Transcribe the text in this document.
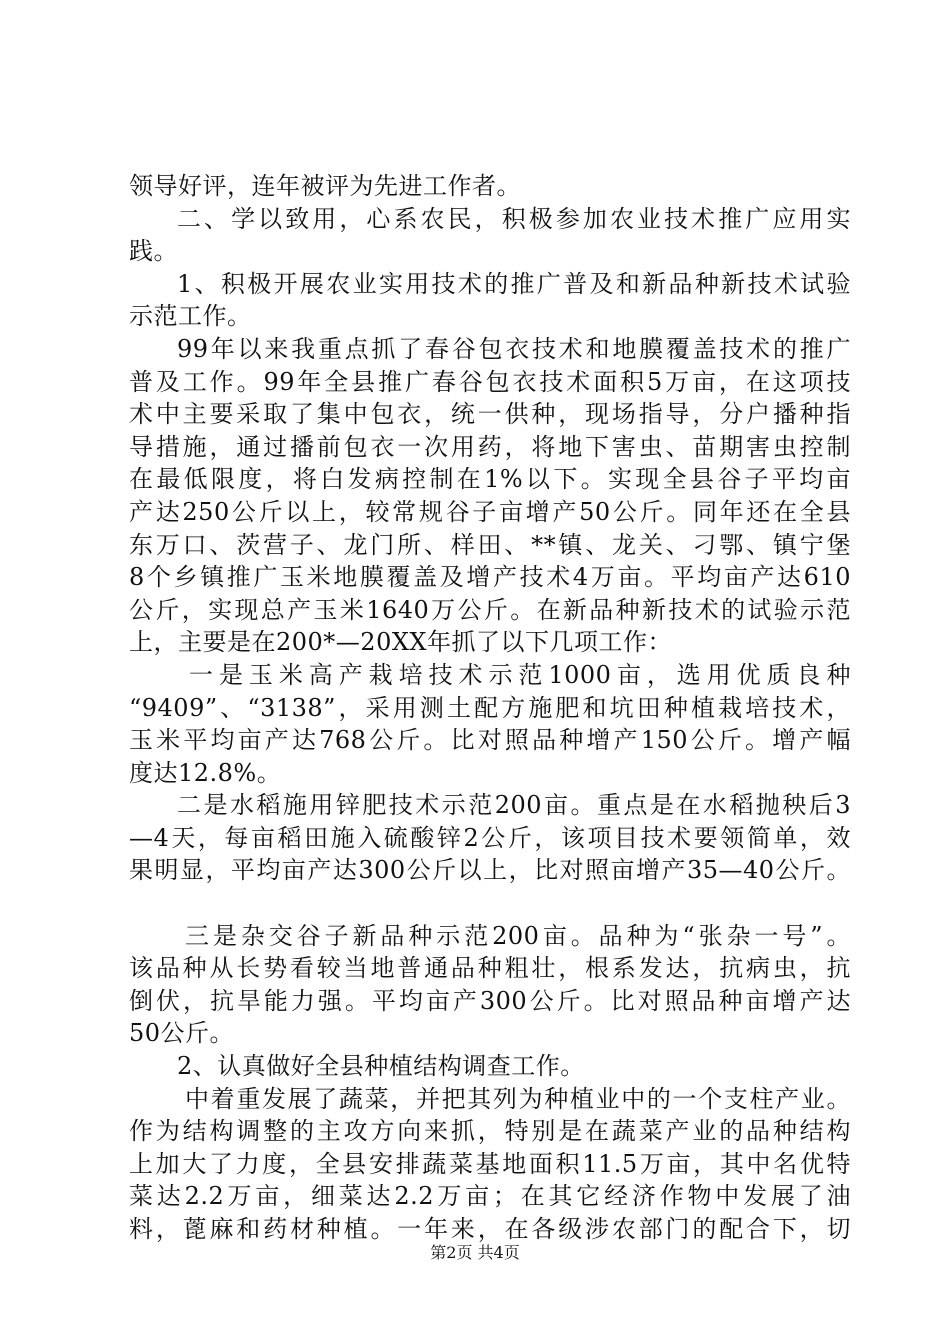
领导好评，连年被评为先进工作者。
二、学以致用，心系农民，积极参加农业技术推广应用实
践。
1、积极开展农业实用技术的推广普及和新品种新技术试验
示范工作。
99年以来我重点抓了春谷包衣技术和地膜覆盖技术的推广
普及工作。99年全县推广春谷包衣技术面积5万亩，在这项技
术中主要采取了集中包衣，统一供种，现场指导，分户播种指
导措施，通过播前包衣一次用药，将地下害虫、苗期害虫控制
在最低限度，将白发病控制在1%以下。实现全县谷子平均亩
产达250公斤以上，较常规谷子亩增产50公斤。同年还在全县
东万口、茨营子、龙门所、样田、**镇、龙关、刁鄂、镇宁堡
8个乡镇推广玉米地膜覆盖及增产技术4万亩。平均亩产达610
公斤，实现总产玉米1640万公斤。在新品种新技术的试验示范
上，主要是在200*—20XX年抓了以下几项工作：
一是玉米高产栽培技术示范1000亩，选用优质良种
“9409”、“3138”，采用测土配方施肥和坑田种植栽培技术，
玉米平均亩产达768公斤。比对照品种增产150公斤。增产幅
度达12.8%。
二是水稻施用锌肥技术示范200亩。重点是在水稻抛秧后3
—4天，每亩稻田施入硫酸锌2公斤，该项目技术要领简单，效
果明显，平均亩产达300公斤以上，比对照亩增产35—40公斤。
三是杂交谷子新品种示范200亩。品种为“张杂一号”。
该品种从长势看较当地普通品种粗壮，根系发达，抗病虫，抗
倒伏，抗旱能力强。平均亩产300公斤。比对照品种亩增产达
50公斤。
2、认真做好全县种植结构调查工作。
中着重发展了蔬菜，并把其列为种植业中的一个支柱产业。
作为结构调整的主攻方向来抓，特别是在蔬菜产业的品种结构
上加大了力度，全县安排蔬菜基地面积11.5万亩，其中名优特
菜达2.2万亩，细菜达2.2万亩；在其它经济作物中发展了油
料，蓖麻和药材种植。一年来，在各级涉农部门的配合下，切
第2页 共4页
